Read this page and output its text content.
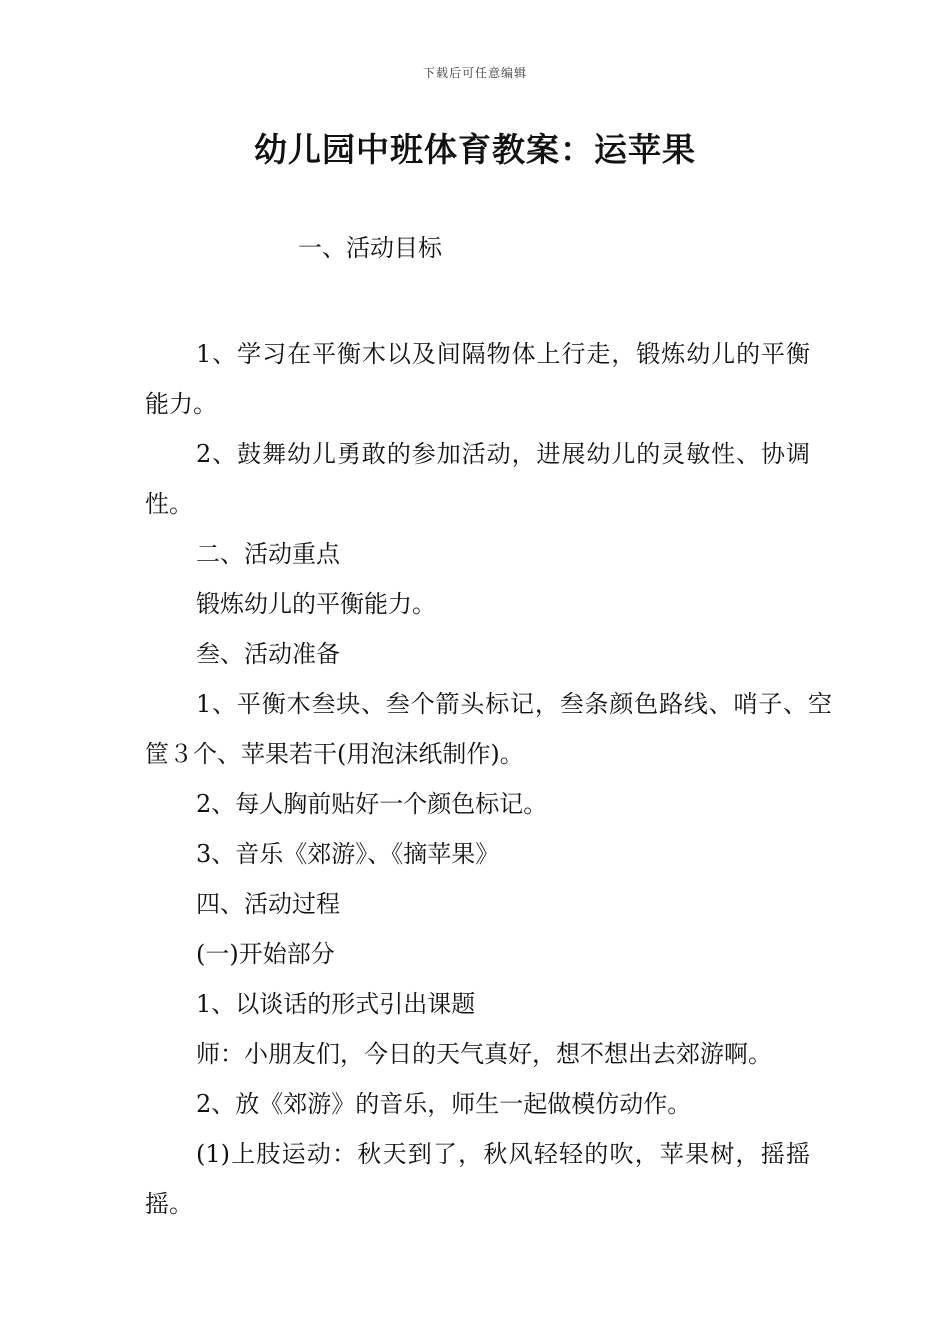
下载后可任意编辑
幼儿园中班体育教案：运苹果
一、活动目标

1、学习在平衡木以及间隔物体上行走，锻炼幼儿的平衡能力。

2、鼓舞幼儿勇敢的参加活动，进展幼儿的灵敏性、协调性。

二、活动重点

锻炼幼儿的平衡能力。

叁、活动准备

1、平衡木叁块、叁个箭头标记，叁条颜色路线、哨子、空筐３个、苹果若干(用泡沫纸制作)。

2、每人胸前贴好一个颜色标记。

3、音乐《郊游》、《摘苹果》

四、活动过程

(一)开始部分

1、以谈话的形式引出课题

师：小朋友们，今日的天气真好，想不想出去郊游啊。

2、放《郊游》的音乐，师生一起做模仿动作。

(1)上肢运动：秋天到了，秋风轻轻的吹，苹果树，摇摇摇。
